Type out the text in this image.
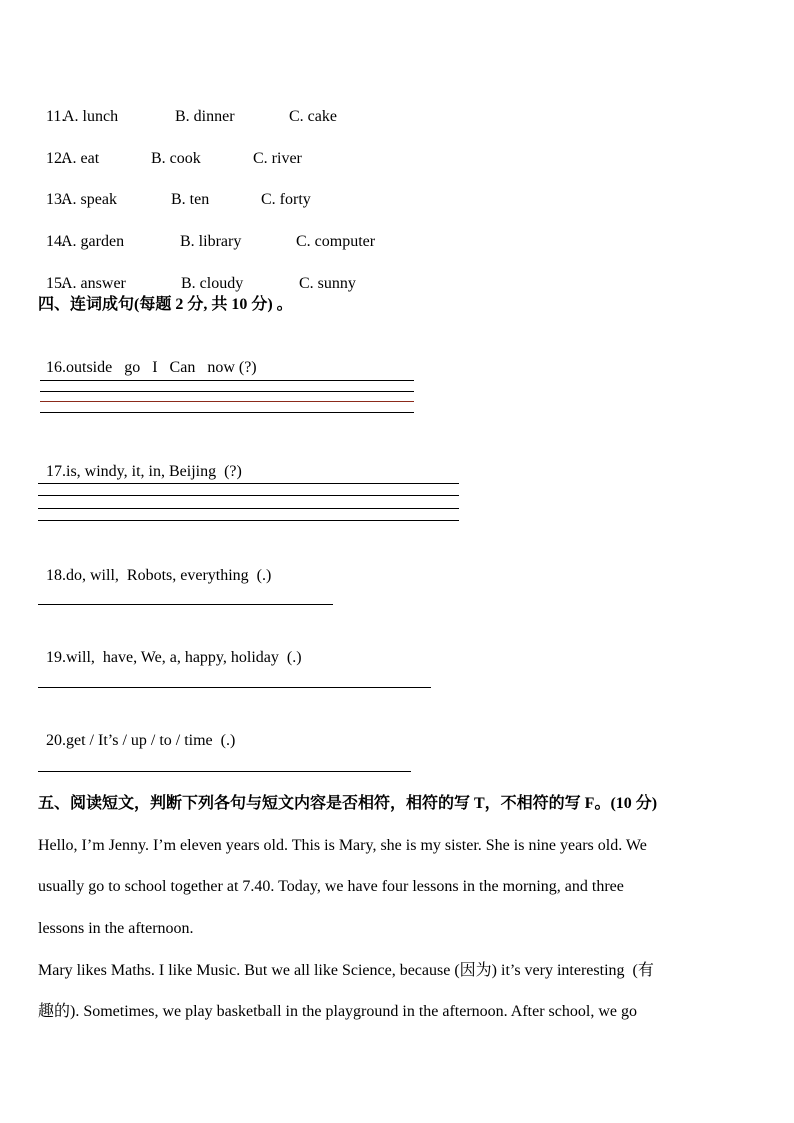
11.
A. lunch	B. dinner	C. cake

12.
A. eat	B. cook	C. river

13.
A. speak	B. ten	C. forty

14.
A. garden	B. library	C. computer

15.
A. answer	B. cloudy	C. sunny

四、连词成句(每题 2 分, 共 10 分) 。

16.outside   go   I   Can   now (?)

17.is, windy, it, in, Beijing  (?)

18.do, will,  Robots, everything  (.)

19.will,  have, We, a, happy, holiday  (.)

20.get / It’s / up / to / time  (.)

五、阅读短文，判断下列各句与短文内容是否相符，相符的写 T，不相符的写 F。(10 分)
Hello, I’m Jenny. I’m eleven years old. This is Mary, she is my sister. She is nine years old. We
usually go to school together at 7.40. Today, we have four lessons in the morning, and three
lessons in the afternoon.
Mary likes Maths. I like Music. But we all like Science, because (因为) it’s very interesting  (有
趣的). Sometimes, we play basketball in the playground in the afternoon. After school, we go
